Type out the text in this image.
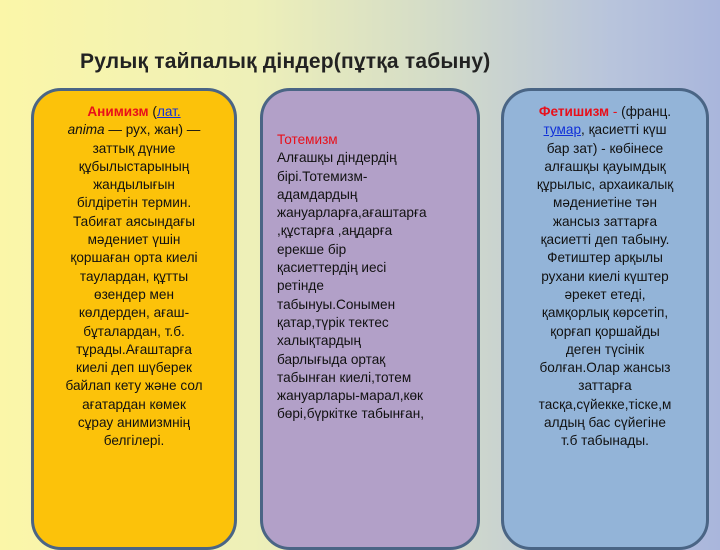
Рулық тайпалық діндер(пұтқа табыну)
Анимизм (лат.
anima — рух, жан) —
заттық дүние
құбылыстарының
жандылығын
білдіретін термин.
Табиғат аясындағы
мәдениет үшін
қоршаған орта киелі
таулардан, құтты
өзендер мен
көлдерден, ағаш-
бұталардан, т.б.
тұрады.Ағаштарға
киелі деп шүберек
байлап кету және сол
ағатардан көмек
сұрау анимизмнің
белгілері.
Тотемизм
Алғашқы діндердің
бірі.Тотемизм-
адамдардың
жануарларға,ағаштарға
,құстарға ,аңдарға
ерекше бір
қасиеттердің иесі
ретінде
табынуы.Сонымен
қатар,түрік тектес
халықтардың
барлығыда ортақ
табынған киелі,тотем
жануарлары-марал,көк
бөрі,бүркітке табынған,
Фетишизм - (франц.
тумар, қасиетті күш
бар зат) - көбінесе
алғашқы қауымдық
құрылыс, архаикалық
мәдениетіне тән
жансыз заттарға
қасиетті деп табыну.
Фетиштер арқылы
рухани киелі күштер
әрекет етеді,
қамқорлық көрсетіп,
қорғап қоршайды
деген түсінік
болған.Олар жансыз
заттарға
тасқа,сүйекке,тіске,м
алдың бас сүйегіне
т.б табынады.
